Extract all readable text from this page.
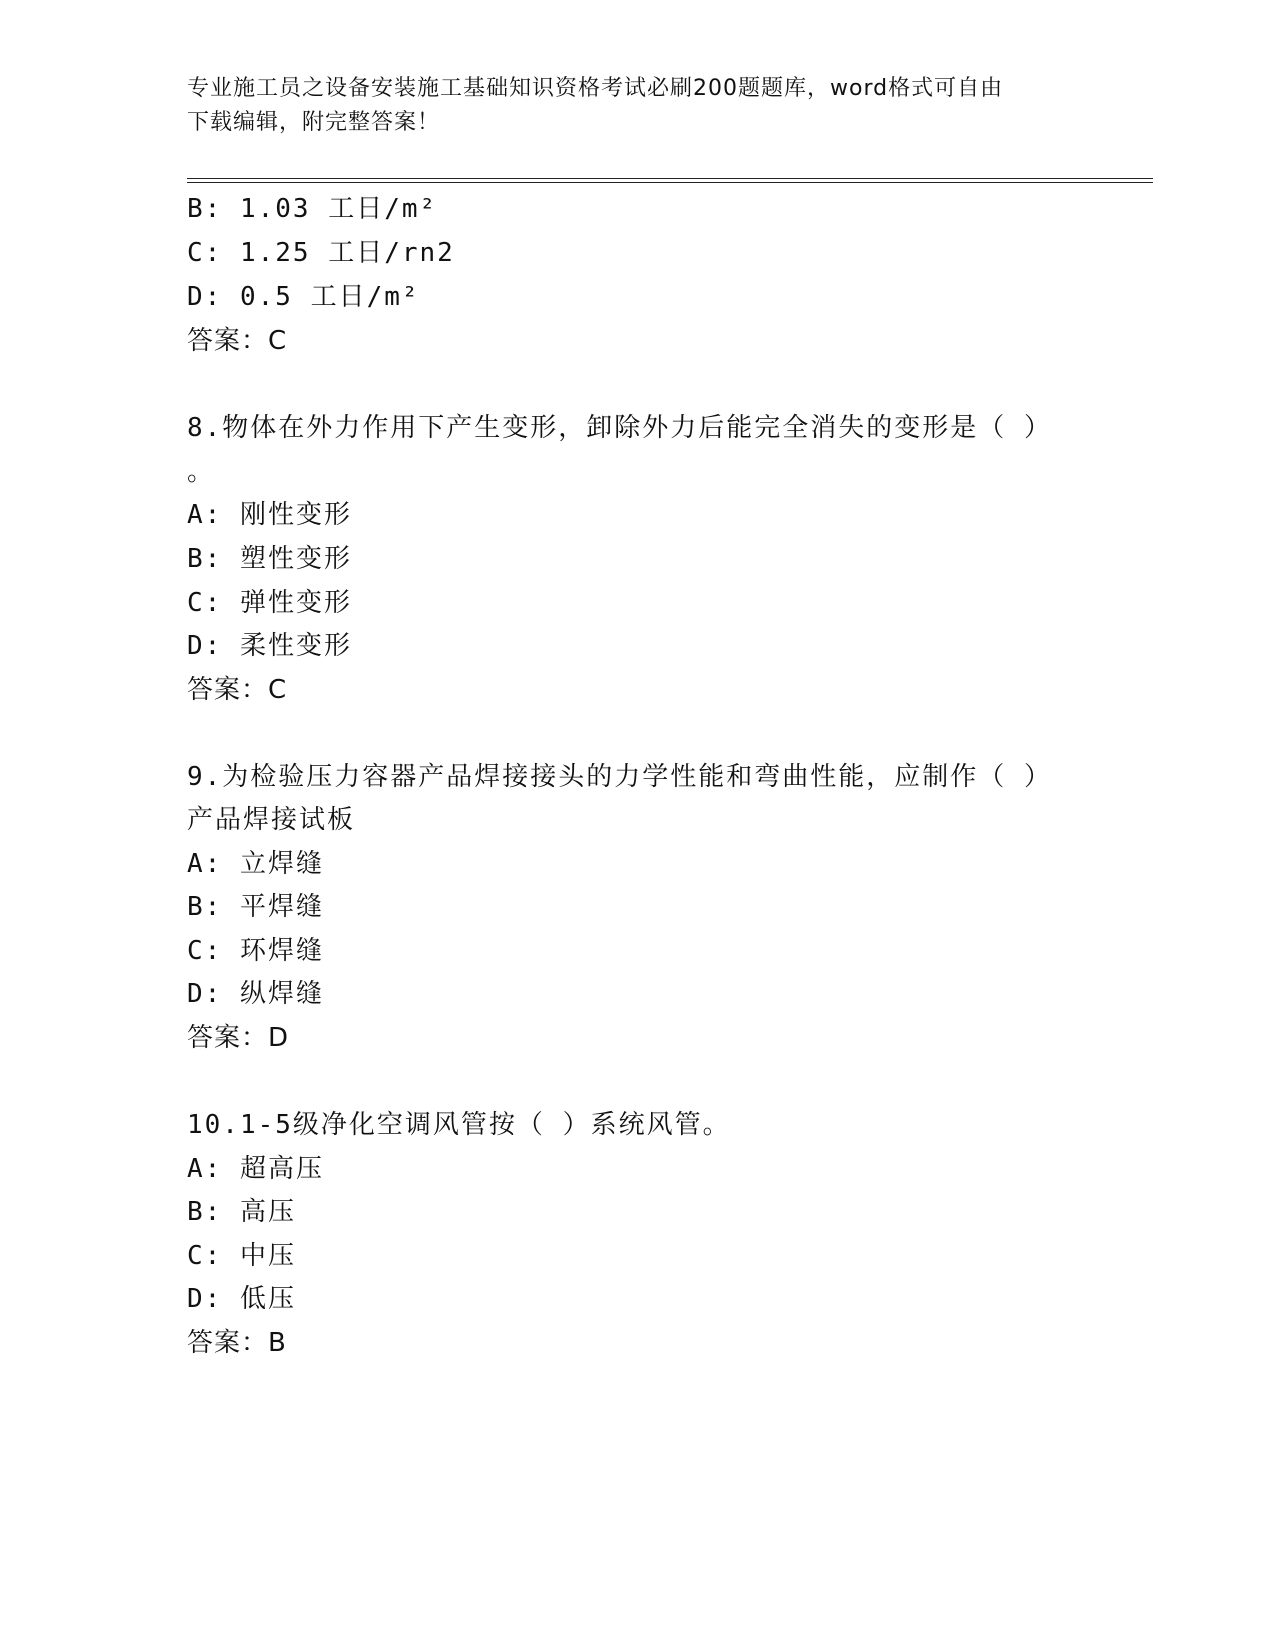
专业施工员之设备安装施工基础知识资格考试必刷200题题库，word格式可自由
下载编辑，附完整答案！
B: 1.03 工日/m²
C: 1.25 工日/rn2
D: 0.5 工日/m²
答案：C
8.物体在外力作用下产生变形，卸除外力后能完全消失的变形是（ ）
。
A: 刚性变形
B: 塑性变形
C: 弹性变形
D: 柔性变形
答案：C
9.为检验压力容器产品焊接接头的力学性能和弯曲性能，应制作（ ）
产品焊接试板
A: 立焊缝
B: 平焊缝
C: 环焊缝
D: 纵焊缝
答案：D
10.1-5级净化空调风管按（ ）系统风管。
A: 超高压
B: 高压
C: 中压
D: 低压
答案：B
